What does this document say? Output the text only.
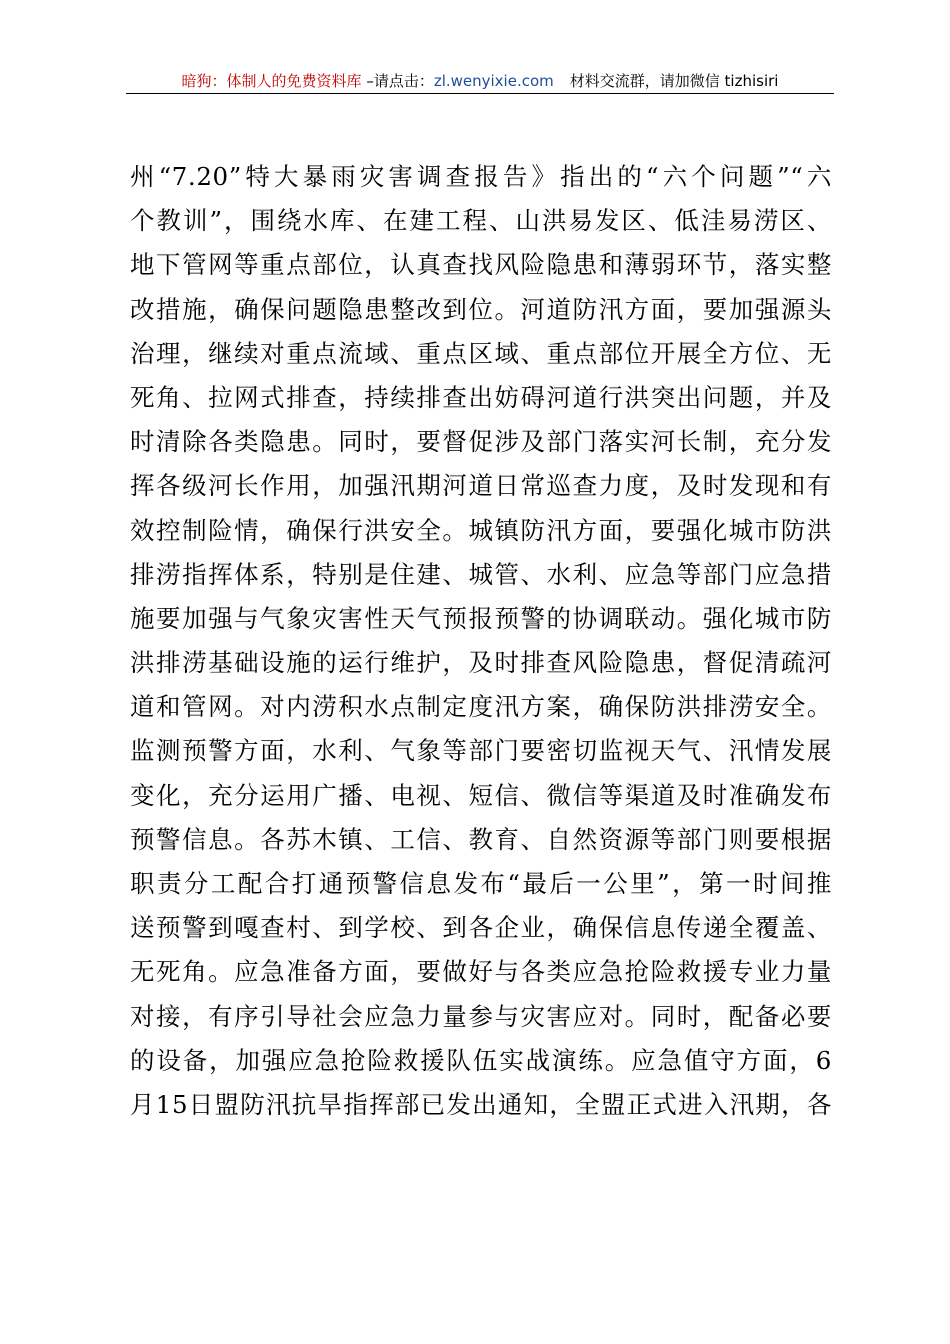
暗狗：体制人的免费资料库 –请点击：zl.wenyixie.com 材料交流群，请加微信 tizhisiri
州“7.20”特大暴雨灾害调查报告》指出的“六个问题”“六
个教训”，围绕水库、在建工程、山洪易发区、低洼易涝区、
地下管网等重点部位，认真查找风险隐患和薄弱环节，落实整
改措施，确保问题隐患整改到位。河道防汛方面，要加强源头
治理，继续对重点流域、重点区域、重点部位开展全方位、无
死角、拉网式排查，持续排查出妨碍河道行洪突出问题，并及
时清除各类隐患。同时，要督促涉及部门落实河长制，充分发
挥各级河长作用，加强汛期河道日常巡查力度，及时发现和有
效控制险情，确保行洪安全。城镇防汛方面，要强化城市防洪
排涝指挥体系，特别是住建、城管、水利、应急等部门应急措
施要加强与气象灾害性天气预报预警的协调联动。强化城市防
洪排涝基础设施的运行维护，及时排查风险隐患，督促清疏河
道和管网。对内涝积水点制定度汛方案，确保防洪排涝安全。
监测预警方面，水利、气象等部门要密切监视天气、汛情发展
变化，充分运用广播、电视、短信、微信等渠道及时准确发布
预警信息。各苏木镇、工信、教育、自然资源等部门则要根据
职责分工配合打通预警信息发布“最后一公里”，第一时间推
送预警到嘎查村、到学校、到各企业，确保信息传递全覆盖、
无死角。应急准备方面，要做好与各类应急抢险救援专业力量
对接，有序引导社会应急力量参与灾害应对。同时，配备必要
的设备，加强应急抢险救援队伍实战演练。应急值守方面，6
月15日盟防汛抗旱指挥部已发出通知，全盟正式进入汛期，各
